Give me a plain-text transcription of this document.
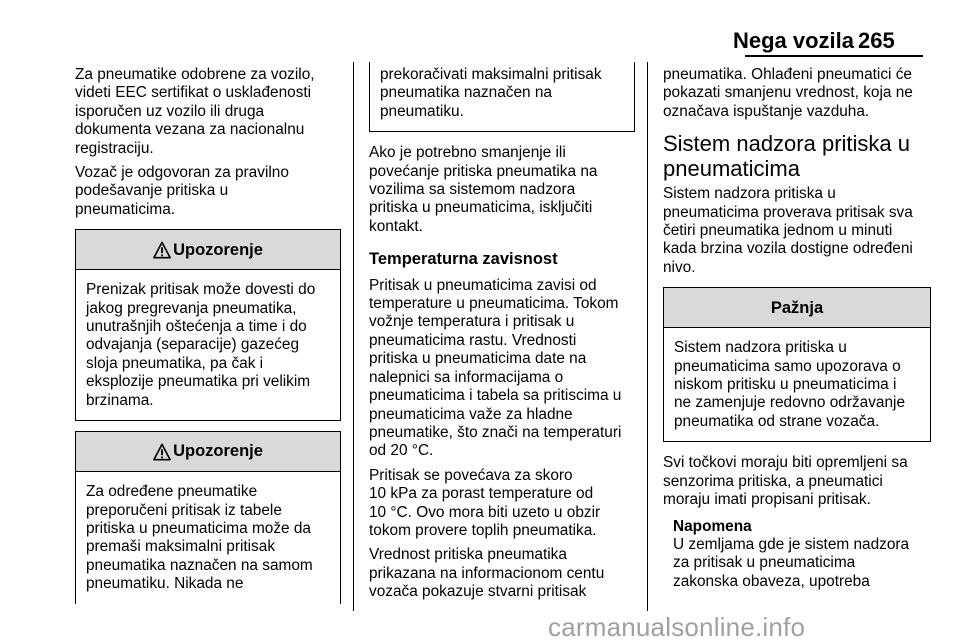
Nega vozila 265

Za pneumatike odobrene za vozilo,
videti EEC sertifikat o usklađenosti
isporučen uz vozilo ili druga
dokumenta vezana za nacionalnu
registraciju.

Vozač je odgovoran za pravilno
podešavanje pritiska u
pneumaticima.

Upozorenje
Prenizak pritisak može dovesti do
jakog pregrevanja pneumatika,
unutrašnjih oštećenja a time i do
odvajanja (separacije) gazećeg
sloja pneumatika, pa čak i
eksplozije pneumatika pri velikim
brzinama.
Upozorenje
Za određene pneumatike
preporučeni pritisak iz tabele
pritiska u pneumaticima može da
premaši maksimalni pritisak
pneumatika naznačen na samom
pneumatiku. Nikada ne
prekoračivati maksimalni pritisak
pneumatika naznačen na
pneumatiku.

Ako je potrebno smanjenje ili
povećanje pritiska pneumatika na
vozilima sa sistemom nadzora
pritiska u pneumaticima, isključiti
kontakt.

Temperaturna zavisnost

Pritisak u pneumaticima zavisi od
temperature u pneumaticima. Tokom
vožnje temperatura i pritisak u
pneumaticima rastu. Vrednosti
pritiska u pneumaticima date na
nalepnici sa informacijama o
pneumaticima i tabela sa pritiscima u
pneumaticima važe za hladne
pneumatike, što znači na temperaturi
od 20 °C.

Pritisak se povećava za skoro
10 kPa za porast temperature od
10 °C. Ovo mora biti uzeto u obzir
tokom provere toplih pneumatika.

Vrednost pritiska pneumatika
prikazana na informacionom centu
vozača pokazuje stvarni pritisak

pneumatika. Ohlađeni pneumatici će
pokazati smanjenu vrednost, koja ne
označava ispuštanje vazduha.

Sistem nadzora pritiska u
pneumaticima

Sistem nadzora pritiska u
pneumaticima proverava pritisak sva
četiri pneumatika jednom u minuti
kada brzina vozila dostigne određeni
nivo.

Pažnja
Sistem nadzora pritiska u
pneumaticima samo upozorava o
niskom pritisku u pneumaticima i
ne zamenjuje redovno održavanje
pneumatika od strane vozača.

Svi točkovi moraju biti opremljeni sa
senzorima pritiska, a pneumatici
moraju imati propisani pritisak.

Napomena
U zemljama gde je sistem nadzora
za pritisak u pneumaticima
zakonska obaveza, upotreba
carmanualsonline.info
